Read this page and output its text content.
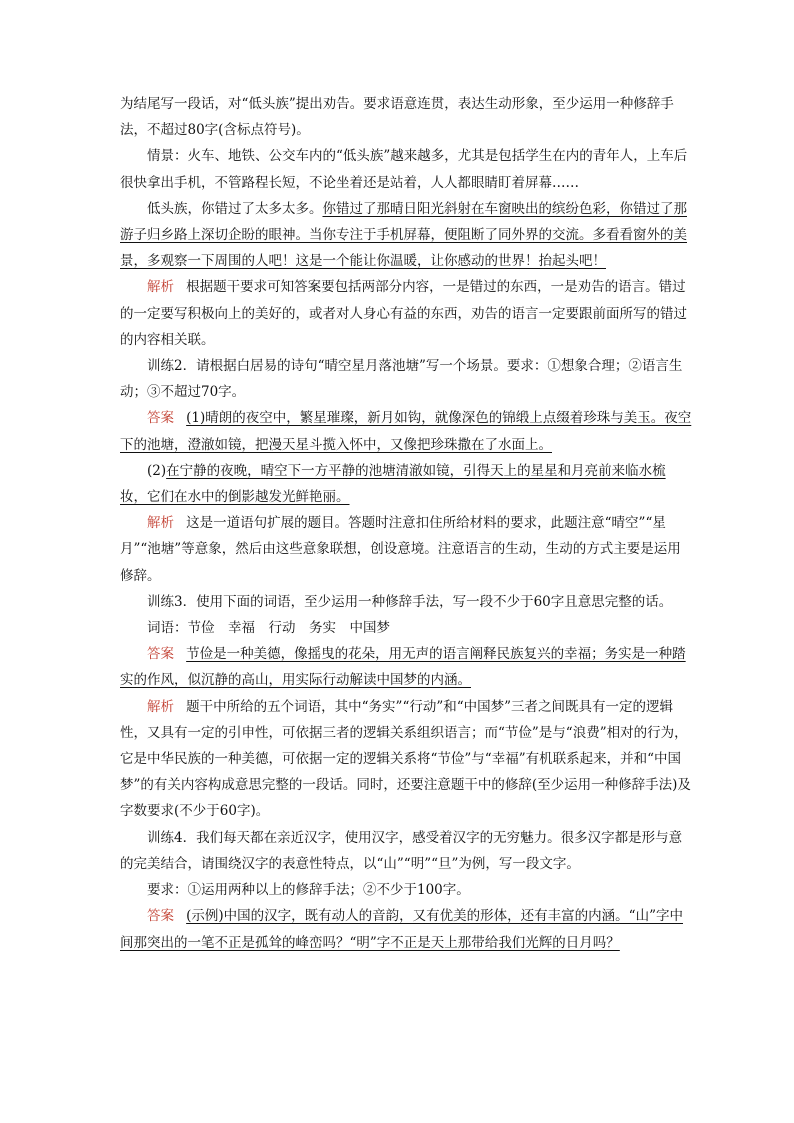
为结尾写一段话，对“低头族”提出劝告。要求语意连贯，表达生动形象，至少运用一种修辞手法，不超过80字(含标点符号)。

情景：火车、地铁、公交车内的“低头族”越来越多，尤其是包括学生在内的青年人，上车后很快拿出手机，不管路程长短，不论坐着还是站着，人人都眼睛盯着屏幕……

低头族，你错过了太多太多。你错过了那晴日阳光斜射在车窗映出的缤纷色彩，你错过了那游子归乡路上深切企盼的眼神。当你专注于手机屏幕，便阻断了同外界的交流。多看看窗外的美景，多观察一下周围的人吧！这是一个能让你温暖，让你感动的世界！抬起头吧！

解析 根据题干要求可知答案要包括两部分内容，一是错过的东西，一是劝告的语言。错过的一定要写积极向上的美好的，或者对人身心有益的东西，劝告的语言一定要跟前面所写的错过的内容相关联。

训练2．请根据白居易的诗句“晴空星月落池塘”写一个场景。要求：①想象合理；②语言生动；③不超过70字。

答案 (1)晴朗的夜空中，繁星璀璨，新月如钩，就像深色的锦缎上点缀着珍珠与美玉。夜空下的池塘，澄澈如镜，把漫天星斗揽入怀中，又像把珍珠撒在了水面上。

(2)在宁静的夜晚，晴空下一方平静的池塘清澈如镜，引得天上的星星和月亮前来临水梳妆，它们在水中的倒影越发光鲜艳丽。

解析 这是一道语句扩展的题目。答题时注意扣住所给材料的要求，此题注意“晴空”“星月”“池塘”等意象，然后由这些意象联想，创设意境。注意语言的生动，生动的方式主要是运用修辞。

训练3．使用下面的词语，至少运用一种修辞手法，写一段不少于60字且意思完整的话。

词语：节俭　幸福　行动　务实　中国梦

答案 节俭是一种美德，像摇曳的花朵，用无声的语言阐释民族复兴的幸福；务实是一种踏实的作风，似沉静的高山，用实际行动解读中国梦的内涵。

解析 题干中所给的五个词语，其中“务实”“行动”和“中国梦”三者之间既具有一定的逻辑性，又具有一定的引申性，可依据三者的逻辑关系组织语言；而“节俭”是与“浪费”相对的行为，它是中华民族的一种美德，可依据一定的逻辑关系将“节俭”与“幸福”有机联系起来，并和“中国梦”的有关内容构成意思完整的一段话。同时，还要注意题干中的修辞(至少运用一种修辞手法)及字数要求(不少于60字)。

训练4．我们每天都在亲近汉字，使用汉字，感受着汉字的无穷魅力。很多汉字都是形与意的完美结合，请围绕汉字的表意性特点，以“山”“明”“旦”为例，写一段文字。

要求：①运用两种以上的修辞手法；②不少于100字。

答案 (示例)中国的汉字，既有动人的音韵，又有优美的形体，还有丰富的内涵。“山”字中间那突出的一笔不正是孤耸的峰峦吗？“明”字不正是天上那带给我们光辉的日月吗？
